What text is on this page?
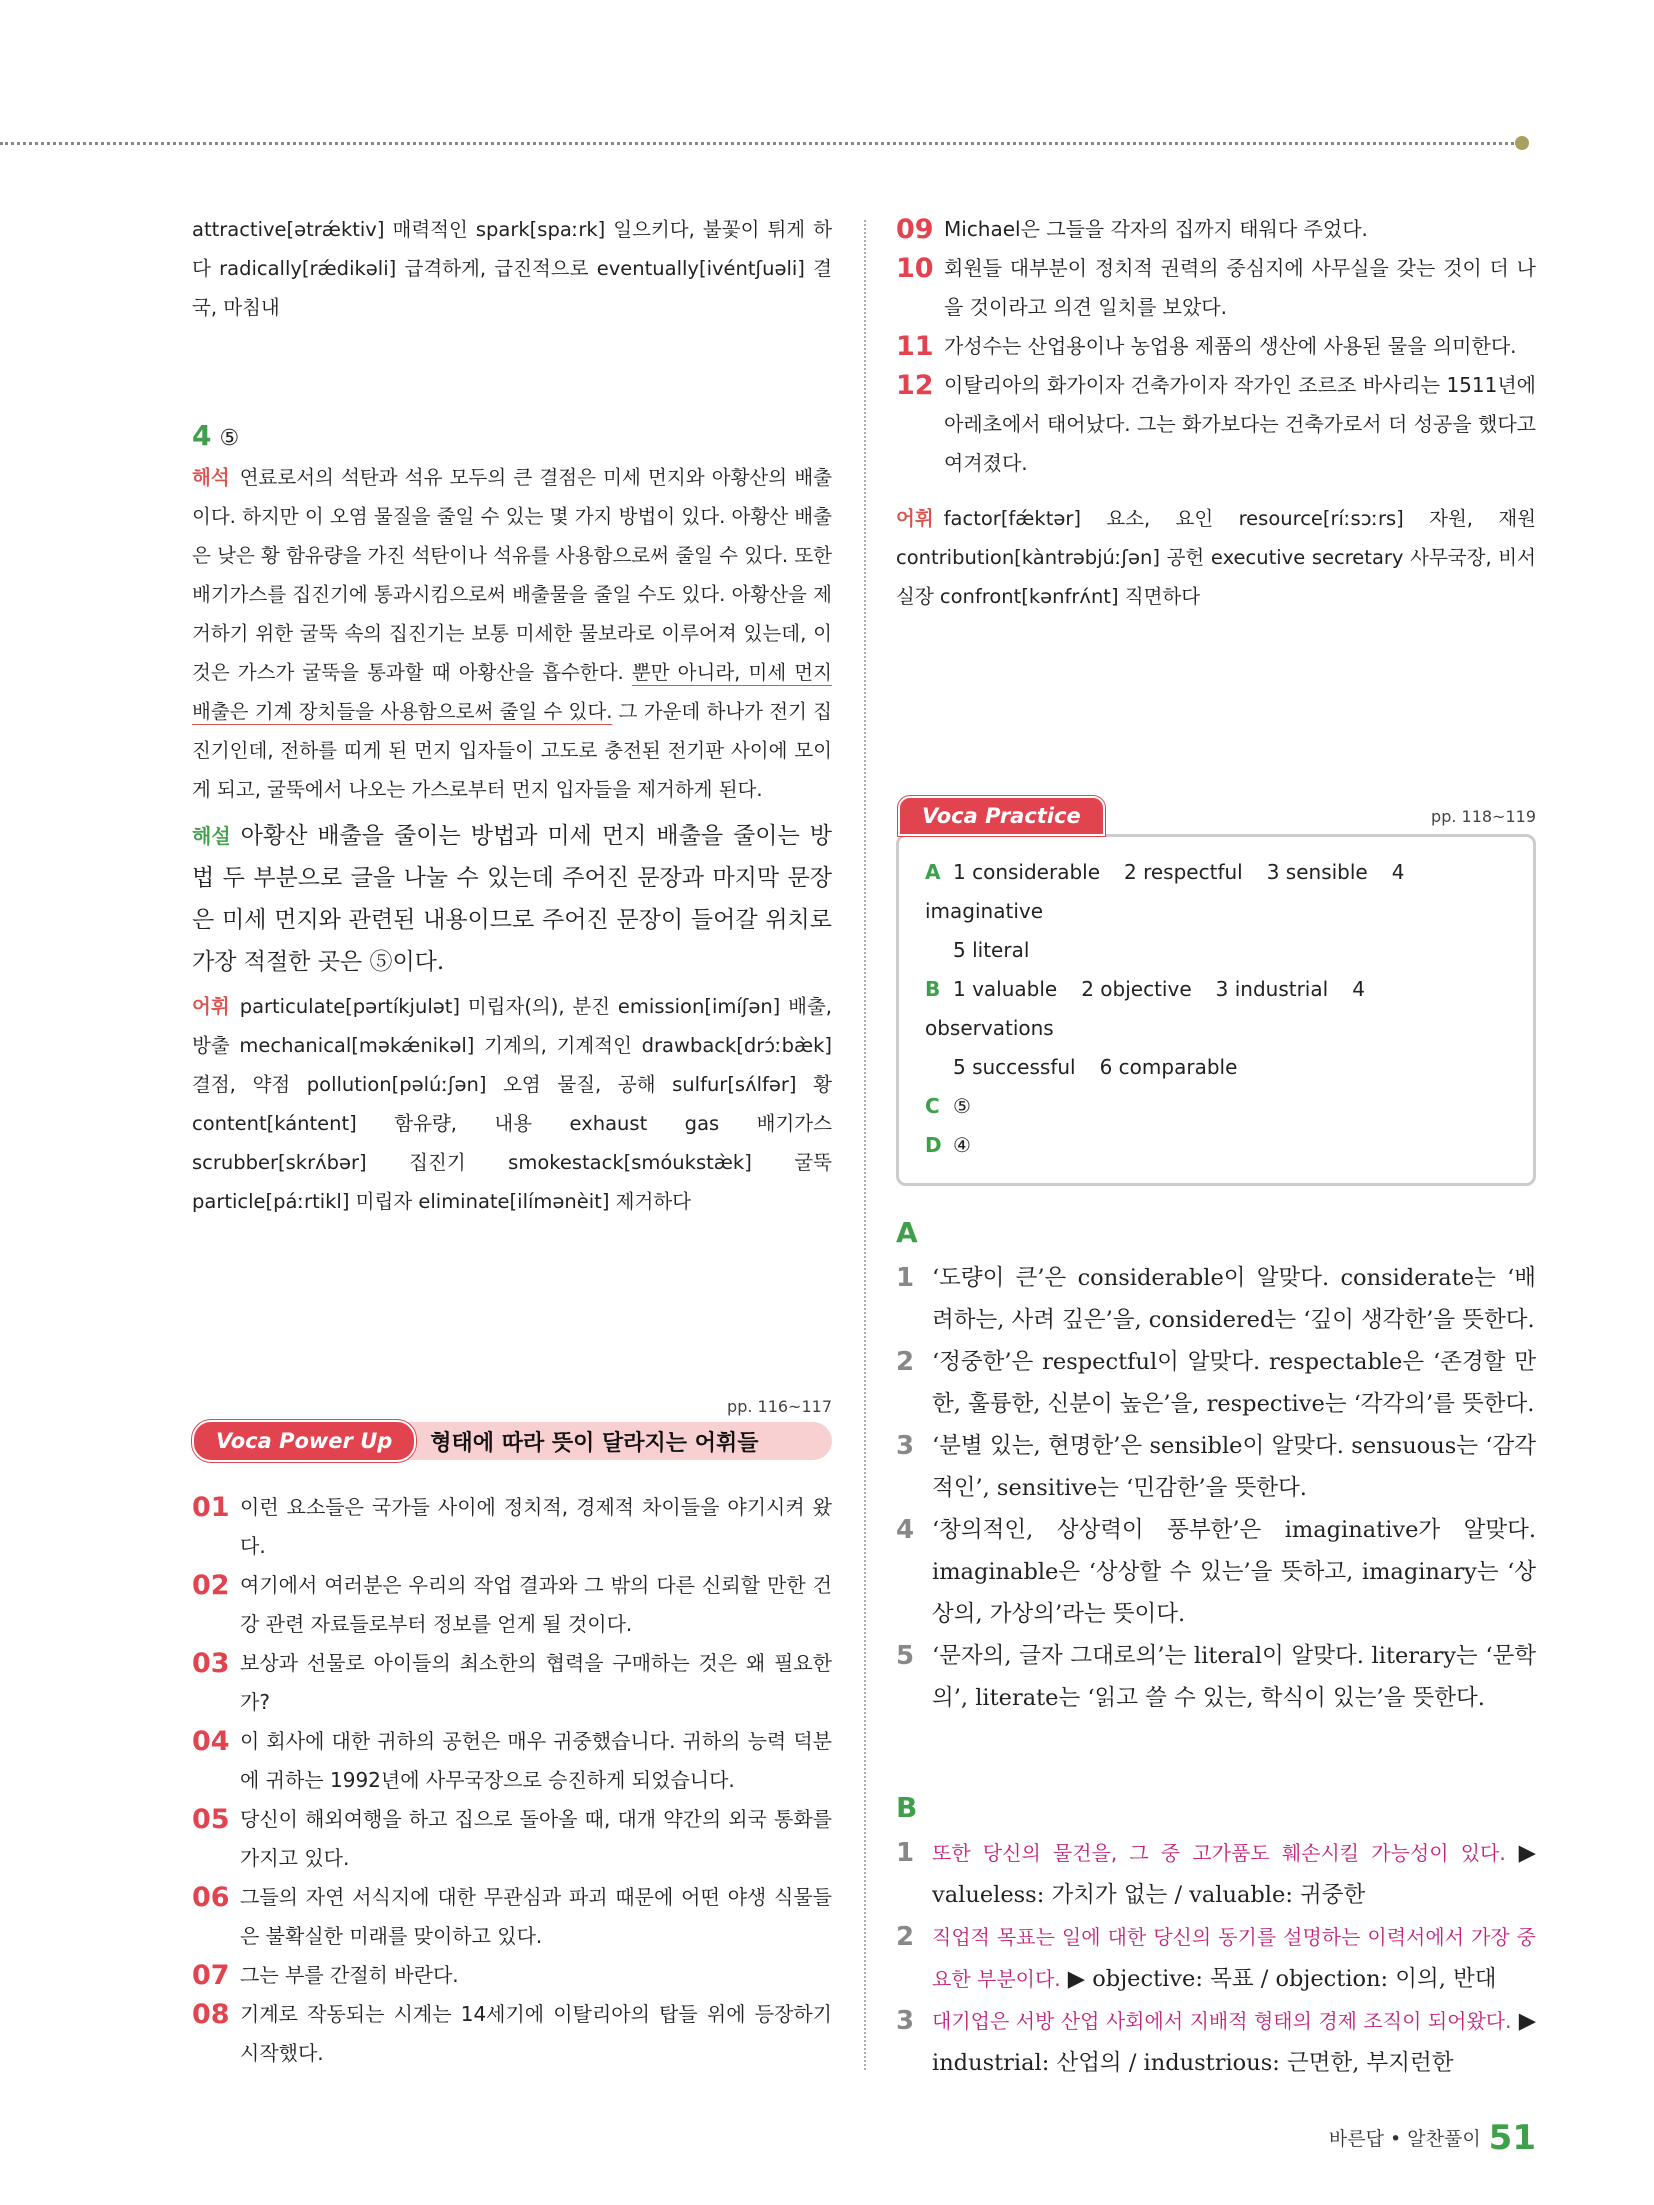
attractive[ətrǽktiv] 매력적인 spark[spaːrk] 일으키다, 불꽃이 튀게 하다 radically[rǽdikəli] 급격하게, 급진적으로 eventually[ivéntʃuəli] 결국, 마침내
4 ⑤
해석 연료로서의 석탄과 석유 모두의 큰 결점은 미세 먼지와 아황산의 배출이다. 하지만 이 오염 물질을 줄일 수 있는 몇 가지 방법이 있다. 아황산 배출은 낮은 황 함유량을 가진 석탄이나 석유를 사용함으로써 줄일 수 있다. 또한 배기가스를 집진기에 통과시킴으로써 배출물을 줄일 수도 있다. 아황산을 제거하기 위한 굴뚝 속의 집진기는 보통 미세한 물보라로 이루어져 있는데, 이것은 가스가 굴뚝을 통과할 때 아황산을 흡수한다. 뿐만 아니라, 미세 먼지 배출은 기계 장치들을 사용함으로써 줄일 수 있다. 그 가운데 하나가 전기 집진기인데, 전하를 띠게 된 먼지 입자들이 고도로 충전된 전기판 사이에 모이게 되고, 굴뚝에서 나오는 가스로부터 먼지 입자들을 제거하게 된다.
해설 아황산 배출을 줄이는 방법과 미세 먼지 배출을 줄이는 방법 두 부분으로 글을 나눌 수 있는데 주어진 문장과 마지막 문장은 미세 먼지와 관련된 내용이므로 주어진 문장이 들어갈 위치로 가장 적절한 곳은 ⑤이다.
어휘 particulate[pərtíkjulət] 미립자(의), 분진 emission[imíʃən] 배출, 방출 mechanical[məkǽnikəl] 기계의, 기계적인 drawback[drɔ́ːbæ̀k] 결점, 약점 pollution[pəlúːʃən] 오염 물질, 공해 sulfur[sʌ́lfər] 황 content[kántent] 함유량, 내용 exhaust gas 배기가스 scrubber[skrʌ́bər] 집진기 smokestack[smóukstæ̀k] 굴뚝 particle[páːrtikl] 미립자 eliminate[ilímənèit] 제거하다
pp. 116~117
Voca Power Up	형태에 따라 뜻이 달라지는 어휘들
01 이런 요소들은 국가들 사이에 정치적, 경제적 차이들을 야기시켜 왔다.
02 여기에서 여러분은 우리의 작업 결과와 그 밖의 다른 신뢰할 만한 건강 관련 자료들로부터 정보를 얻게 될 것이다.
03 보상과 선물로 아이들의 최소한의 협력을 구매하는 것은 왜 필요한가?
04 이 회사에 대한 귀하의 공헌은 매우 귀중했습니다. 귀하의 능력 덕분에 귀하는 1992년에 사무국장으로 승진하게 되었습니다.
05 당신이 해외여행을 하고 집으로 돌아올 때, 대개 약간의 외국 통화를 가지고 있다.
06 그들의 자연 서식지에 대한 무관심과 파괴 때문에 어떤 야생 식물들은 불확실한 미래를 맞이하고 있다.
07 그는 부를 간절히 바란다.
08 기계로 작동되는 시계는 14세기에 이탈리아의 탑들 위에 등장하기 시작했다.
09 Michael은 그들을 각자의 집까지 태워다 주었다.
10 회원들 대부분이 정치적 권력의 중심지에 사무실을 갖는 것이 더 나을 것이라고 의견 일치를 보았다.
11 가성수는 산업용이나 농업용 제품의 생산에 사용된 물을 의미한다.
12 이탈리아의 화가이자 건축가이자 작가인 조르조 바사리는 1511년에 아레초에서 태어났다. 그는 화가보다는 건축가로서 더 성공을 했다고 여겨졌다.
어휘 factor[fǽktər] 요소, 요인 resource[ríːsɔːrs] 자원, 재원 contribution[kàntrəbjúːʃən] 공헌 executive secretary 사무국장, 비서실장 confront[kənfrʌ́nt] 직면하다
Voca Practice	pp. 118~119
A 1 considerable 2 respectful 3 sensible 4 imaginative
5 literal
B 1 valuable 2 objective 3 industrial 4 observations
5 successful 6 comparable
C ⑤
D ④
A
1 ‘도량이 큰’은 considerable이 알맞다. considerate는 ‘배려하는, 사려 깊은’을, considered는 ‘깊이 생각한’을 뜻한다.
2 ‘정중한’은 respectful이 알맞다. respectable은 ‘존경할 만한, 훌륭한, 신분이 높은’을, respective는 ‘각각의’를 뜻한다.
3 ‘분별 있는, 현명한’은 sensible이 알맞다. sensuous는 ‘감각적인’, sensitive는 ‘민감한’을 뜻한다.
4 ‘창의적인, 상상력이 풍부한’은 imaginative가 알맞다. imaginable은 ‘상상할 수 있는’을 뜻하고, imaginary는 ‘상상의, 가상의’라는 뜻이다.
5 ‘문자의, 글자 그대로의’는 literal이 알맞다. literary는 ‘문학의’, literate는 ‘읽고 쓸 수 있는, 학식이 있는’을 뜻한다.
B
1 또한 당신의 물건을, 그 중 고가품도 훼손시킬 가능성이 있다. ▶ valueless: 가치가 없는 / valuable: 귀중한
2 직업적 목표는 일에 대한 당신의 동기를 설명하는 이력서에서 가장 중요한 부분이다. ▶ objective: 목표 / objection: 이의, 반대
3 대기업은 서방 산업 사회에서 지배적 형태의 경제 조직이 되어왔다. ▶ industrial: 산업의 / industrious: 근면한, 부지런한
바른답 • 알찬풀이 51
